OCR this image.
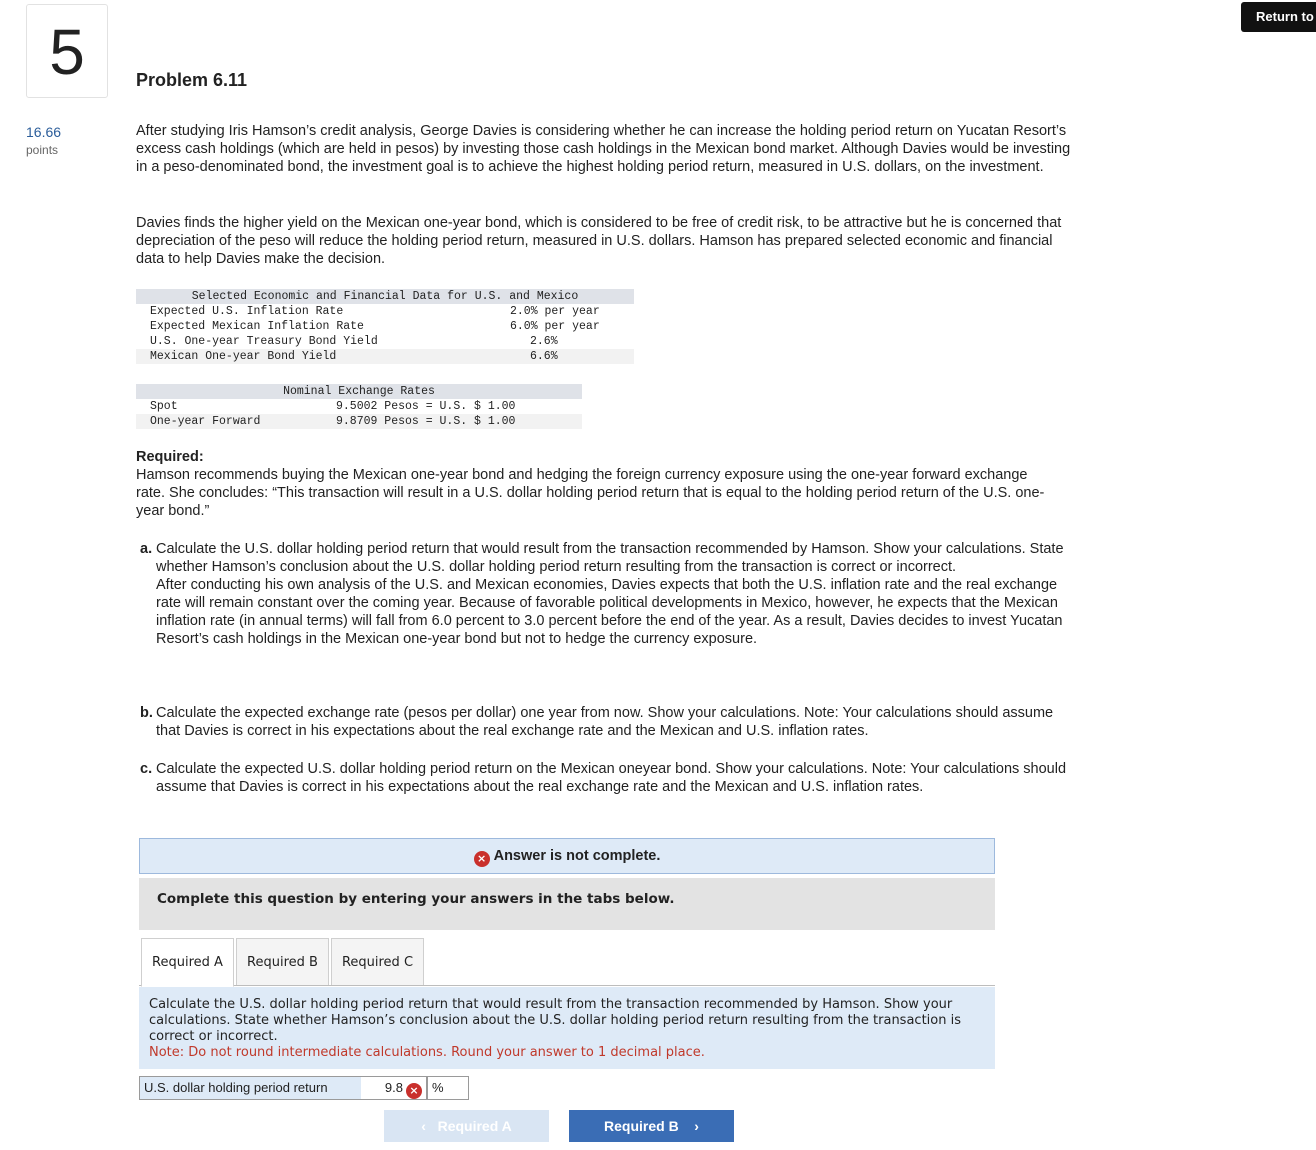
Return to
5
16.66
points
Problem 6.11
After studying Iris Hamson’s credit analysis, George Davies is considering whether he can increase the holding period return on Yucatan Resort’s excess cash holdings (which are held in pesos) by investing those cash holdings in the Mexican bond market. Although Davies would be investing in a peso-denominated bond, the investment goal is to achieve the highest holding period return, measured in U.S. dollars, on the investment.
Davies finds the higher yield on the Mexican one-year bond, which is considered to be free of credit risk, to be attractive but he is concerned that depreciation of the peso will reduce the holding period return, measured in U.S. dollars. Hamson has prepared selected economic and financial data to help Davies make the decision.
Selected Economic and Financial Data for U.S. and Mexico	
Expected U.S. Inflation Rate	2.0% per year
Expected Mexican Inflation Rate	6.0% per year
U.S. One-year Treasury Bond Yield	2.6%
Mexican One-year Bond Yield	6.6%
Nominal Exchange Rates	
Spot	9.5002 Pesos = U.S. $ 1.00
One-year Forward	9.8709 Pesos = U.S. $ 1.00
Required:
Hamson recommends buying the Mexican one-year bond and hedging the foreign currency exposure using the one-year forward exchange rate. She concludes: “This transaction will result in a U.S. dollar holding period return that is equal to the holding period return of the U.S. one-year bond.”
a. Calculate the U.S. dollar holding period return that would result from the transaction recommended by Hamson. Show your calculations. State whether Hamson’s conclusion about the U.S. dollar holding period return resulting from the transaction is correct or incorrect.
After conducting his own analysis of the U.S. and Mexican economies, Davies expects that both the U.S. inflation rate and the real exchange rate will remain constant over the coming year. Because of favorable political developments in Mexico, however, he expects that the Mexican inflation rate (in annual terms) will fall from 6.0 percent to 3.0 percent before the end of the year. As a result, Davies decides to invest Yucatan Resort’s cash holdings in the Mexican one-year bond but not to hedge the currency exposure.
b. Calculate the expected exchange rate (pesos per dollar) one year from now. Show your calculations. Note: Your calculations should assume that Davies is correct in his expectations about the real exchange rate and the Mexican and U.S. inflation rates.
c. Calculate the expected U.S. dollar holding period return on the Mexican oneyear bond. Show your calculations. Note: Your calculations should assume that Davies is correct in his expectations about the real exchange rate and the Mexican and U.S. inflation rates.
× Answer is not complete.
Complete this question by entering your answers in the tabs below.
Required A	Required B	Required C
Calculate the U.S. dollar holding period return that would result from the transaction recommended by Hamson. Show your calculations. State whether Hamson’s conclusion about the U.S. dollar holding period return resulting from the transaction is correct or incorrect.
Note: Do not round intermediate calculations. Round your answer to 1 decimal place.
U.S. dollar holding period return	9.8 ×	%
‹ Required A	Required B ›
